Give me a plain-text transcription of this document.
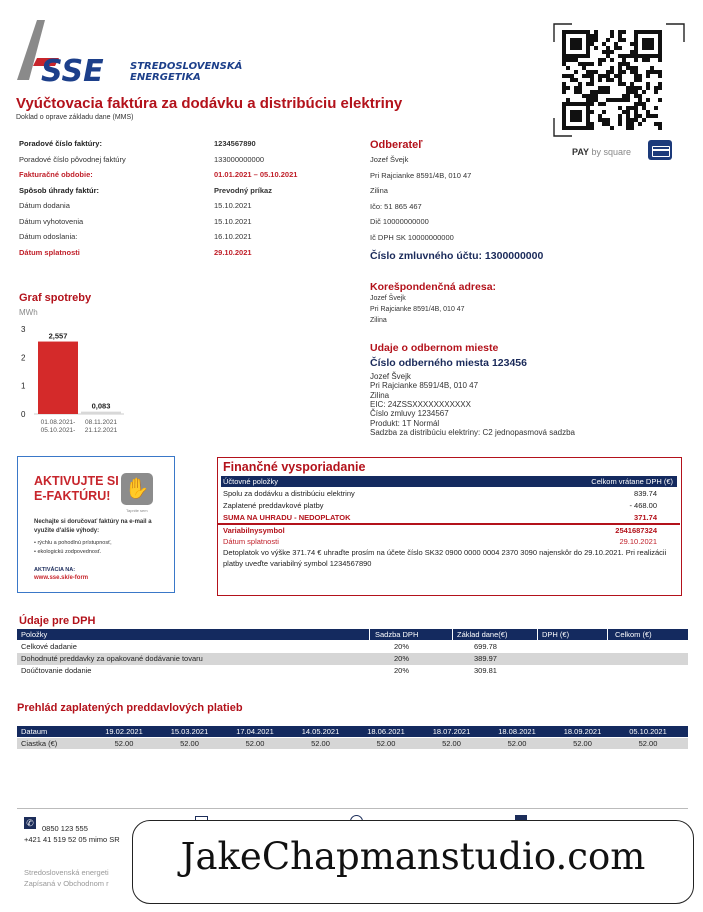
SSE	STREDOSLOVENSKÁ
ENERGETIKA
Vyúčtovacia faktúra za dodávku a distribúciu elektriny
Doklad o oprave základu dane (MMS)
PAY by square
Poradové číslo faktúry:	1234567890
Poradové číslo pôvodnej faktúry	133000000000
Fakturačné obdobie:	01.01.2021 – 05.10.2021
Spôsob úhrady faktúr:	Prevodný príkaz
Dátum dodania	15.10.2021
Dátum vyhotovenia	15.10.2021
Dátum odoslania:	16.10.2021
Dátum splatnosti	29.10.2021
Odberateľ
Jozef Švejk
Pri Rajcianke 8591/4B, 010 47
Zilina
Ičo: 51 865 467
Dič 10000000000
Ič DPH SK 10000000000
Číslo zmluvného účtu: 1300000000
Korešpondenčná adresa:
Jozef Švejk
Pri Rajcianke 8591/4B, 010 47
Zilina
Udaje o odbernom mieste
Číslo odberného miesta 123456
Jozef Švejk
Pri Rajcianke 8591/4B, 010 47
Zilina
EIC: 24ZSSXXXXXXXXXXX
Číslo zmluvy 1234567
Produkt: 1T Normál
Sadzba za distribúciu elektriny: C2 jednopasmová sadzba
Graf spotreby
MWh
0
1
2
3
2,557
01.08.2021-
05.10.2021-
0,083
08.11.2021
21.12.2021
AKTIVUJTE SI
E-FAKTÚRU! ✋
Tapnite sem
Nechajte si doručovať faktúry na e-mail a využite d'alšie výhody:
• rýchlu a pohodlnú prístupnosť,
• ekologickú zodpovednosť.
AKTIVÁCIA NA:
www.sse.sk/e-form
Finančné vysporiadanie
Účtovné položky	Celkom vrátane DPH (€)
Spolu za dodávku a distribúciu elektriny	839.74
Zaplatené preddavkové platby	- 468.00
SUMA NA UHRADU - NEDOPLATOK	371.74
Variabilnysymbol	2541687324
Dátum splatnosti	29.10.2021
Detoplatok vo výške 371.74 € uhraďte prosím na účete číslo SK32 0900 0000 0004 2370 3090 najenskôr do 29.10.2021. Pri realizácii platby uveďte variabilný symbol 1234567890
Údaje pre DPH
Položky	Sadzba DPH	Základ dane(€)	DPH (€)	Celkom (€)
Celkové dadanie	20%	699.78
Dohodnuté preddavky za opakované dodávanie tovaru	20%	389.97
Doúčtovanie dodanie	20%	309.81
Prehlád zaplatených preddavlových platieb
Dataum	19.02.2021	15.03.2021	17.04.2021	14.05.2021	18.06.2021	18.07.2021	18.08.2021	18.09.2021	05.10.2021
Ciastka (€)	52.00	52.00	52.00	52.00	52.00	52.00	52.00	52.00	52.00
✆
0850 123 555
+421 41 519 52 05 mimo SR
Stredoslovenská energeti
Zapísaná v Obchodnom r
JakeChapmanstudio.com
